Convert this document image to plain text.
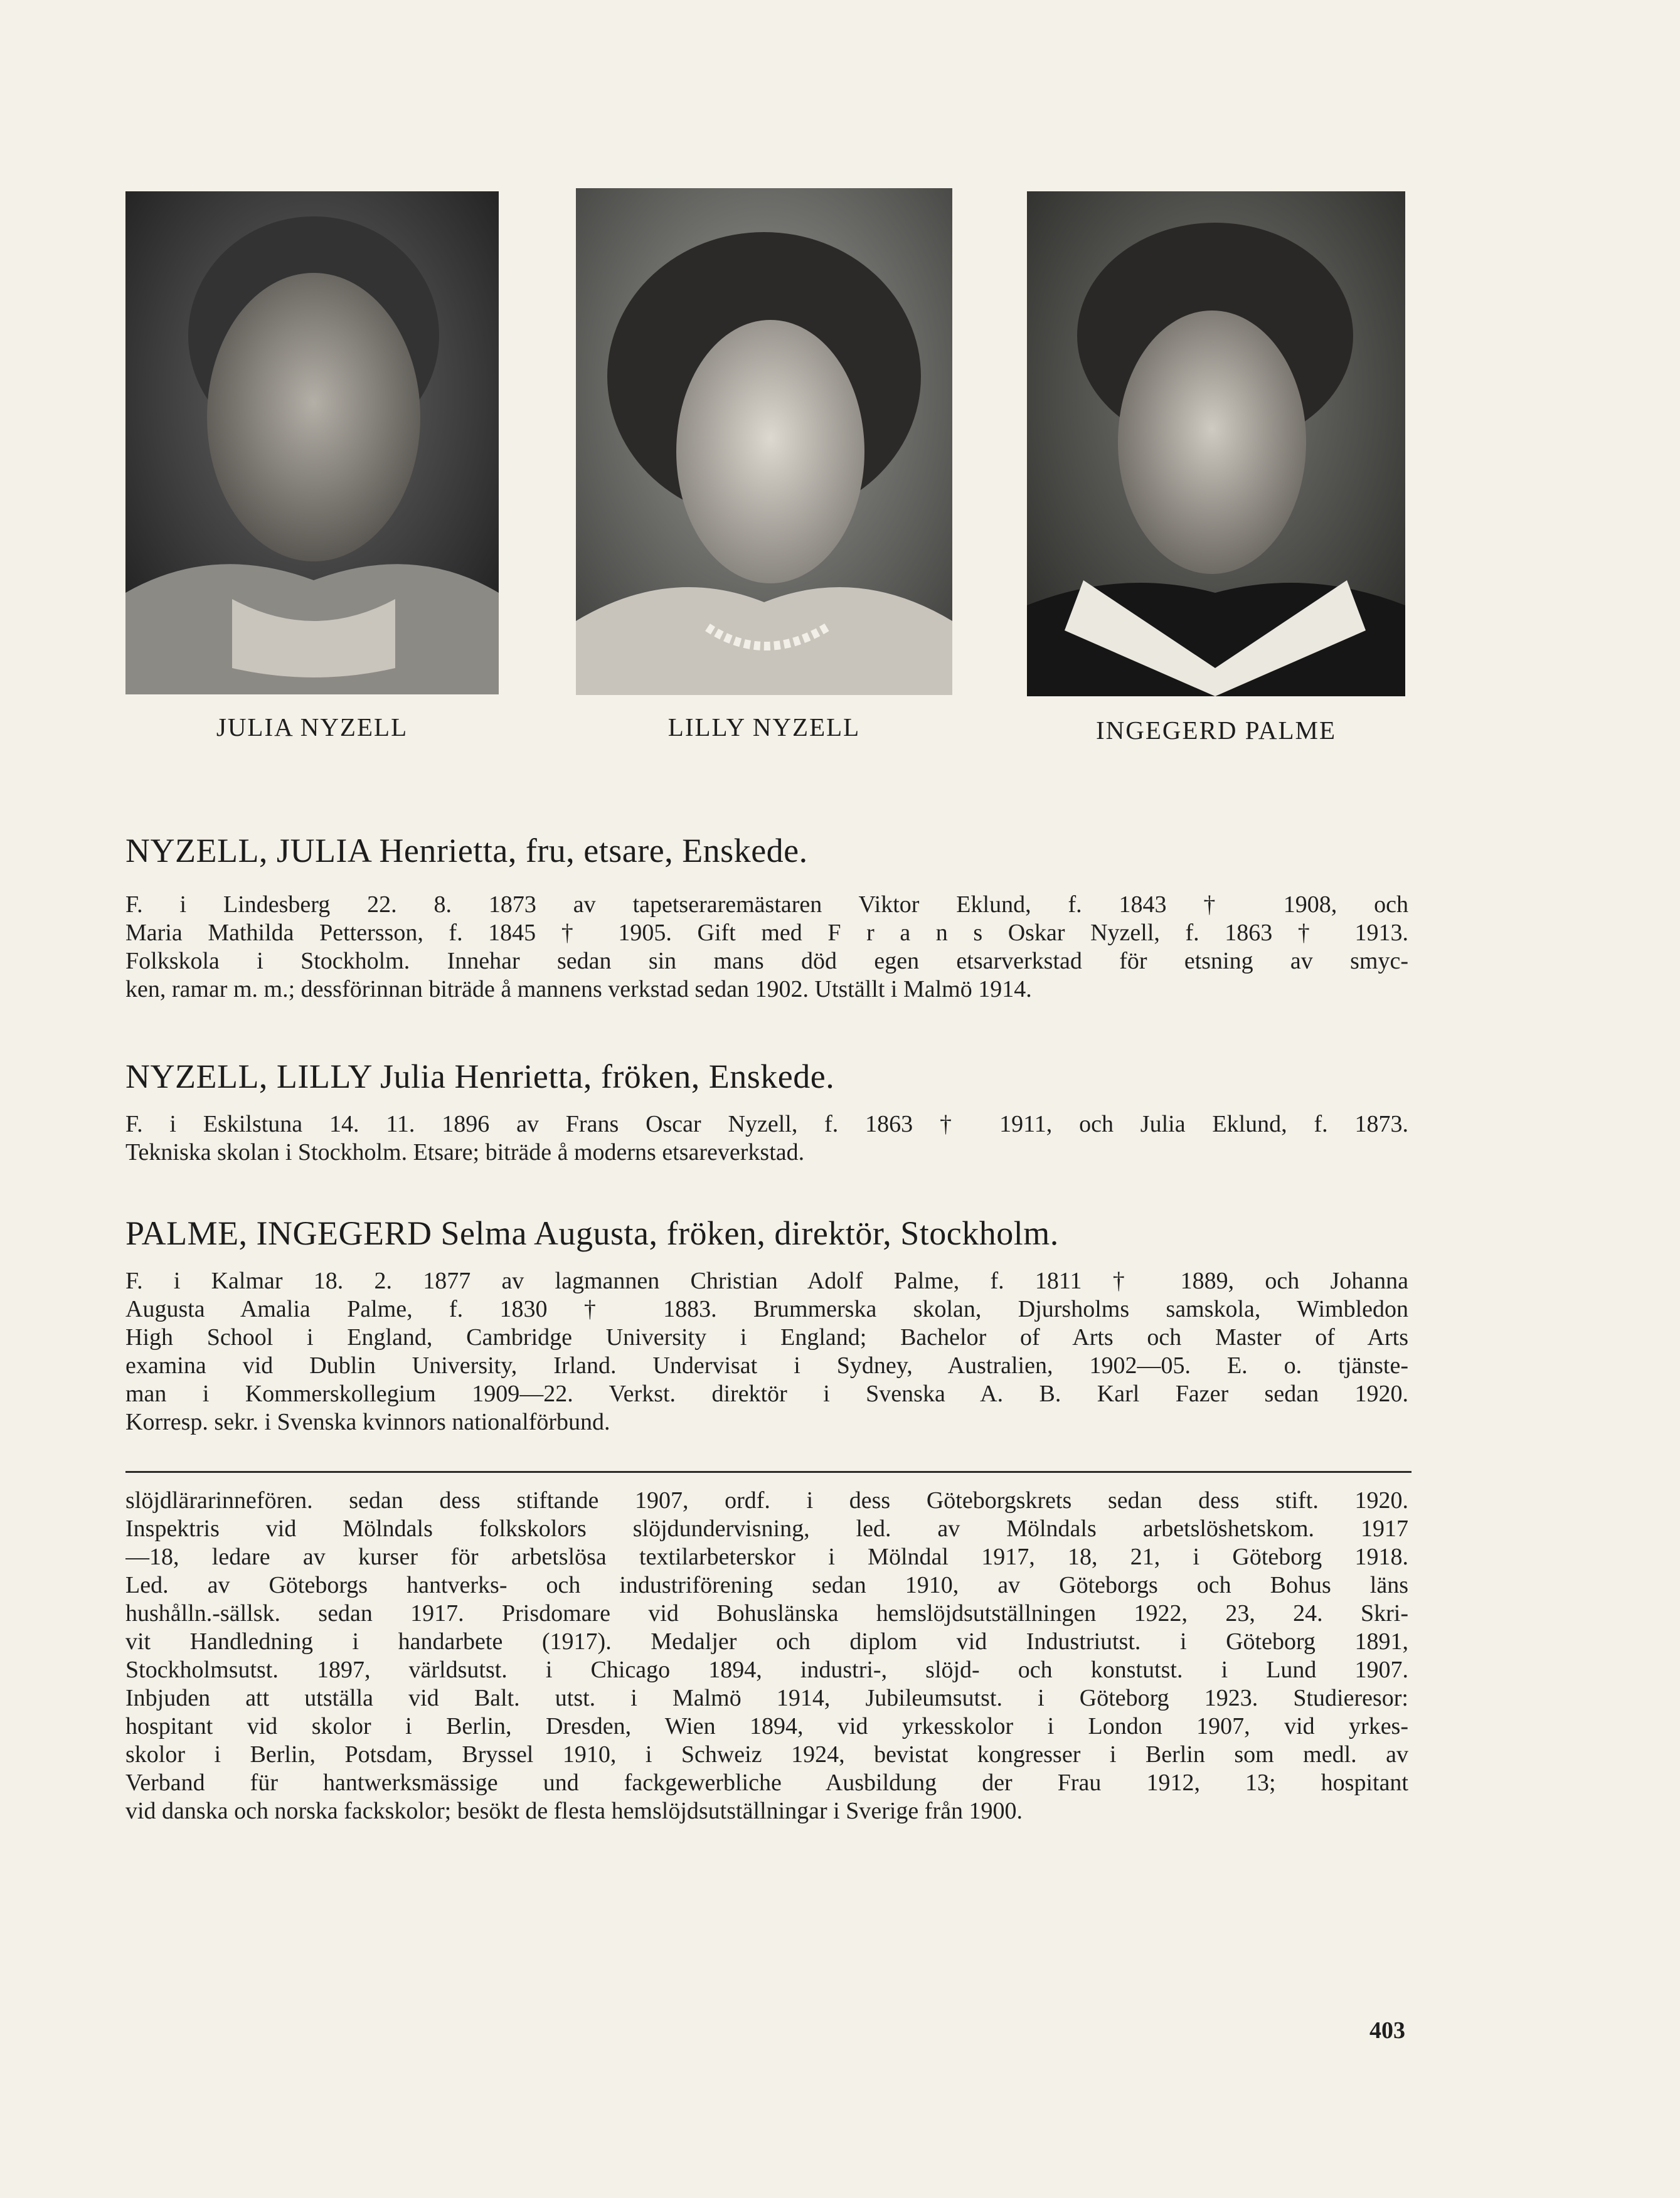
JULIA NYZELL	LILLY NYZELL	INGEGERD PALME
NYZELL, JULIA Henrietta, fru, etsare, Enskede.
F. i Lindesberg 22. 8. 1873 av tapetseraremästaren Viktor Eklund, f. 1843 † 1908, och
Maria Mathilda Pettersson, f. 1845 † 1905. Gift med F r a n s Oskar Nyzell, f. 1863 † 1913.
Folkskola i Stockholm. Innehar sedan sin mans död egen etsarverkstad för etsning av smyc-
ken, ramar m. m.; dessförinnan biträde å mannens verkstad sedan 1902. Utställt i Malmö 1914.
NYZELL, LILLY Julia Henrietta, fröken, Enskede.
F. i Eskilstuna 14. 11. 1896 av Frans Oscar Nyzell, f. 1863 † 1911, och Julia Eklund, f. 1873.
Tekniska skolan i Stockholm. Etsare; biträde å moderns etsareverkstad.
PALME, INGEGERD Selma Augusta, fröken, direktör, Stockholm.
F. i Kalmar 18. 2. 1877 av lagmannen Christian Adolf Palme, f. 1811 † 1889, och Johanna
Augusta Amalia Palme, f. 1830 † 1883. Brummerska skolan, Djursholms samskola, Wimbledon
High School i England, Cambridge University i England; Bachelor of Arts och Master of Arts
examina vid Dublin University, Irland. Undervisat i Sydney, Australien, 1902—05. E. o. tjänste-
man i Kommerskollegium 1909—22. Verkst. direktör i Svenska A. B. Karl Fazer sedan 1920.
Korresp. sekr. i Svenska kvinnors nationalförbund.
slöjdlärarinnefören. sedan dess stiftande 1907, ordf. i dess Göteborgskrets sedan dess stift. 1920.
Inspektris vid Mölndals folkskolors slöjdundervisning, led. av Mölndals arbetslöshetskom. 1917
—18, ledare av kurser för arbetslösa textilarbeterskor i Mölndal 1917, 18, 21, i Göteborg 1918.
Led. av Göteborgs hantverks- och industriförening sedan 1910, av Göteborgs och Bohus läns
hushålln.-sällsk. sedan 1917. Prisdomare vid Bohuslänska hemslöjdsutställningen 1922, 23, 24. Skri-
vit Handledning i handarbete (1917). Medaljer och diplom vid Industriutst. i Göteborg 1891,
Stockholmsutst. 1897, världsutst. i Chicago 1894, industri-, slöjd- och konstutst. i Lund 1907.
Inbjuden att utställa vid Balt. utst. i Malmö 1914, Jubileumsutst. i Göteborg 1923. Studieresor:
hospitant vid skolor i Berlin, Dresden, Wien 1894, vid yrkesskolor i London 1907, vid yrkes-
skolor i Berlin, Potsdam, Bryssel 1910, i Schweiz 1924, bevistat kongresser i Berlin som medl. av
Verband für hantwerksmässige und fackgewerbliche Ausbildung der Frau 1912, 13; hospitant
vid danska och norska fackskolor; besökt de flesta hemslöjdsutställningar i Sverige från 1900.
403
